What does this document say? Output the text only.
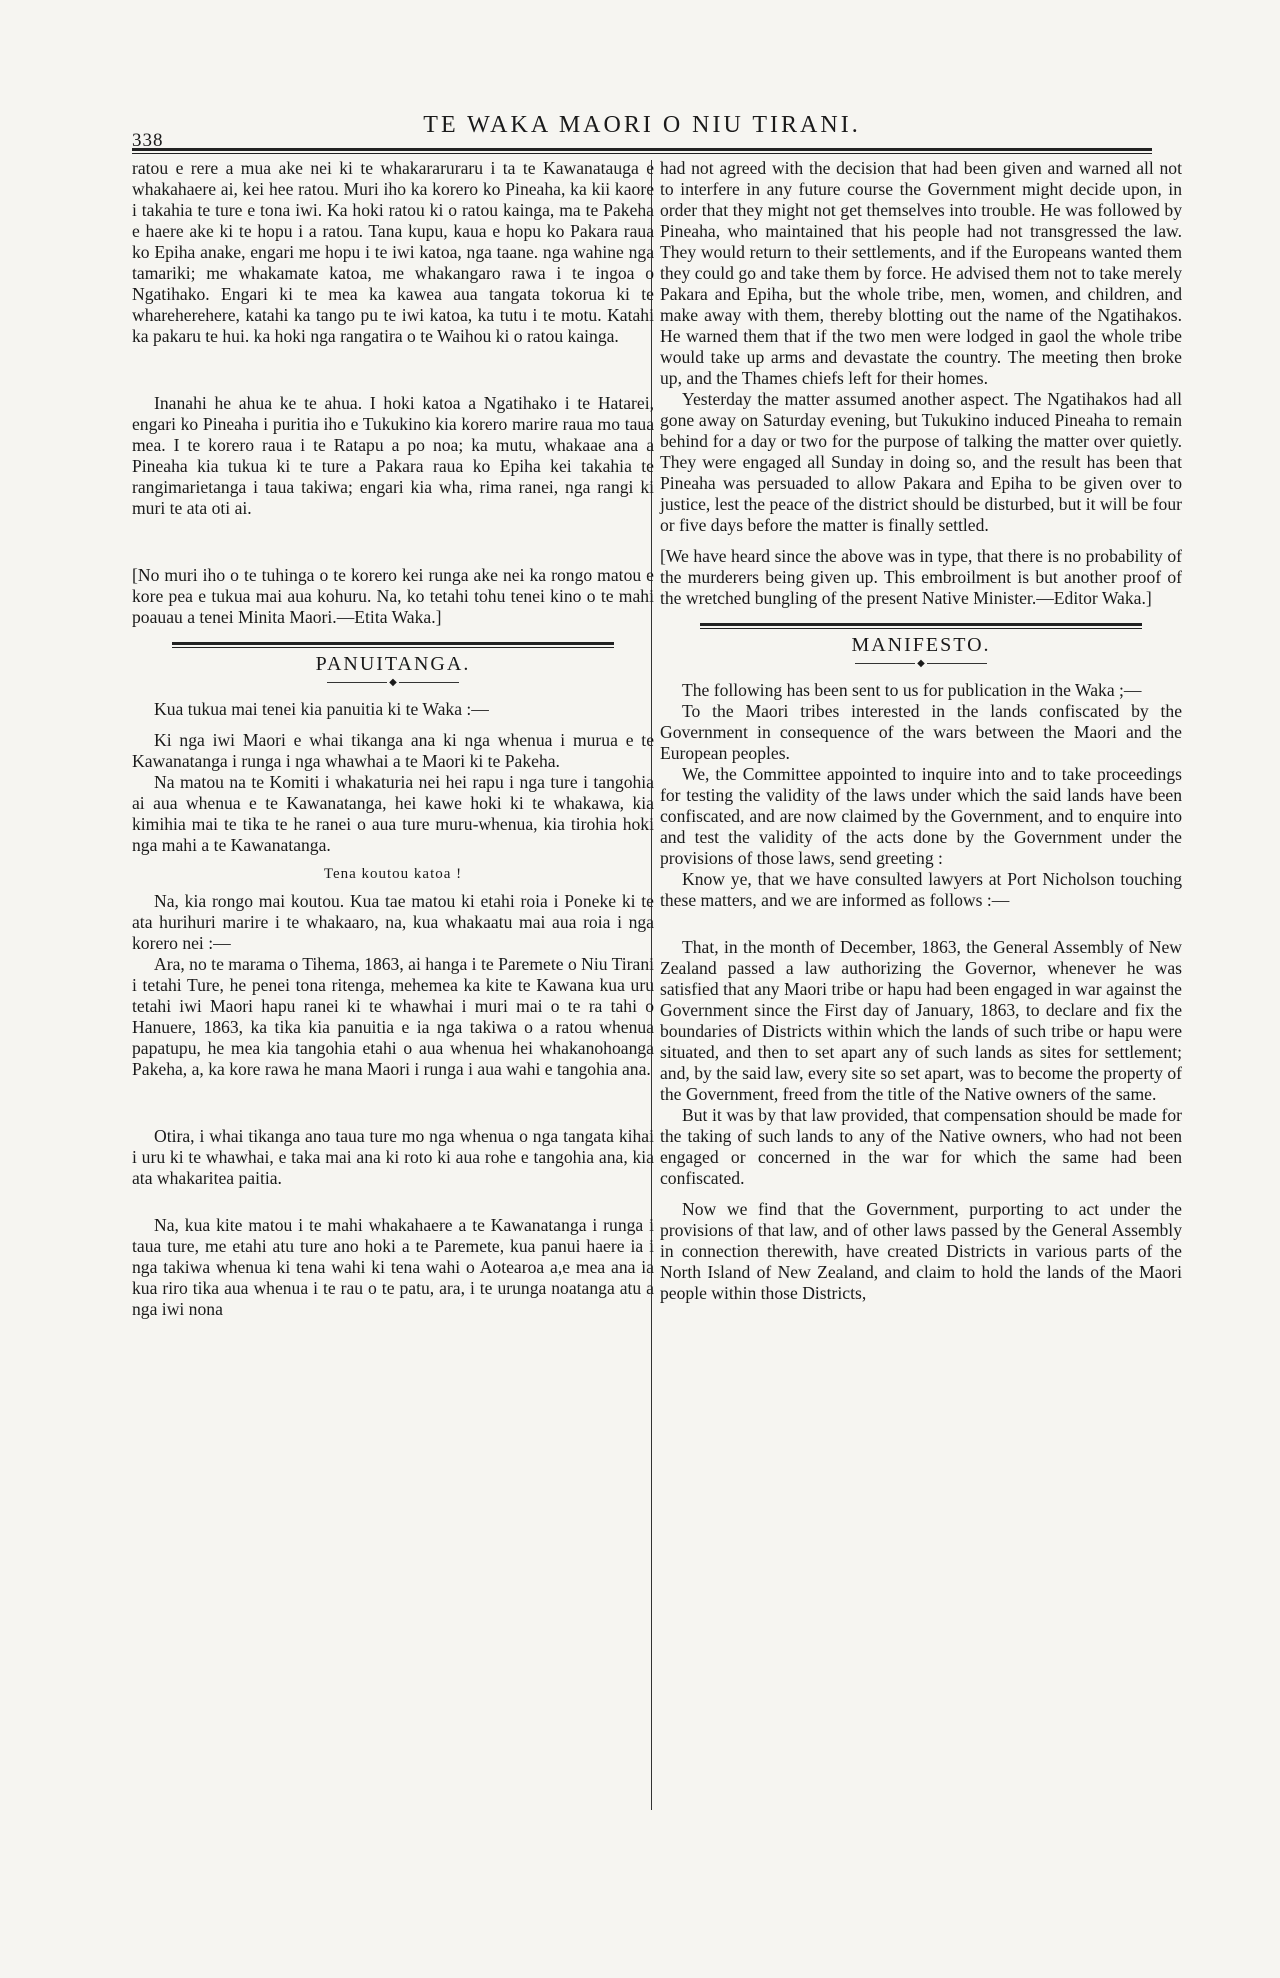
338
TE WAKA MAORI O NIU TIRANI.

ratou e rere a mua ake nei ki te whakararuraru i ta te Kawanatauga e whakahaere ai, kei hee ratou. Muri iho ka korero ko Pineaha, ka kii kaore i takahia te ture e tona iwi. Ka hoki ratou ki o ratou kainga, ma te Pakeha e haere ake ki te hopu i a ratou. Tana kupu, kaua e hopu ko Pakara raua ko Epiha anake, engari me hopu i te iwi katoa, nga taane. nga wahine nga tamariki; me whakamate katoa, me whakangaro rawa i te ingoa o Ngatihako. Engari ki te mea ka kawea aua tangata tokorua ki te whareherehere, katahi ka tango pu te iwi katoa, ka tutu i te motu. Katahi ka pakaru te hui. ka hoki nga rangatira o te Waihou ki o ratou kainga.

Inanahi he ahua ke te ahua. I hoki katoa a Ngatihako i te Hatarei, engari ko Pineaha i puritia iho e Tukukino kia korero marire raua mo taua mea. I te korero raua i te Ratapu a po noa; ka mutu, whakaae ana a Pineaha kia tukua ki te ture a Pakara raua ko Epiha kei takahia te rangimarietanga i taua takiwa; engari kia wha, rima ranei, nga rangi ki muri te ata oti ai.

[No muri iho o te tuhinga o te korero kei runga ake nei ka rongo matou e kore pea e tukua mai aua kohuru. Na, ko tetahi tohu tenei kino o te mahi poauau a tenei Minita Maori.—Etita Waka.]

PANUITANGA.
◆

Kua tukua mai tenei kia panuitia ki te Waka :—

Ki nga iwi Maori e whai tikanga ana ki nga whenua i murua e te Kawanatanga i runga i nga whawhai a te Maori ki te Pakeha.

Na matou na te Komiti i whakaturia nei hei rapu i nga ture i tangohia ai aua whenua e te Kawanatanga, hei kawe hoki ki te whakawa, kia kimihia mai te tika te he ranei o aua ture muru-whenua, kia tirohia hoki nga mahi a te Kawanatanga.

Tena koutou katoa !

Na, kia rongo mai koutou. Kua tae matou ki etahi roia i Poneke ki te ata hurihuri marire i te whakaaro, na, kua whakaatu mai aua roia i nga korero nei :—

Ara, no te marama o Tihema, 1863, ai hanga i te Paremete o Niu Tirani i tetahi Ture, he penei tona ritenga, mehemea ka kite te Kawana kua uru tetahi iwi Maori hapu ranei ki te whawhai i muri mai o te ra tahi o Hanuere, 1863, ka tika kia panuitia e ia nga takiwa o a ratou whenua papatupu, he mea kia tangohia etahi o aua whenua hei whakanohoanga Pakeha, a, ka kore rawa he mana Maori i runga i aua wahi e tangohia ana.

Otira, i whai tikanga ano taua ture mo nga whenua o nga tangata kihai i uru ki te whawhai, e taka mai ana ki roto ki aua rohe e tangohia ana, kia ata whakaritea paitia.

Na, kua kite matou i te mahi whakahaere a te Kawanatanga i runga i taua ture, me etahi atu ture ano hoki a te Paremete, kua panui haere ia i nga takiwa whenua ki tena wahi ki tena wahi o Aotearoa a,e mea ana ia kua riro tika aua whenua i te rau o te patu, ara, i te urunga noatanga atu a nga iwi nona

had not agreed with the decision that had been given and warned all not to interfere in any future course the Government might decide upon, in order that they might not get themselves into trouble. He was followed by Pineaha, who maintained that his people had not transgressed the law. They would return to their settlements, and if the Europeans wanted them they could go and take them by force. He advised them not to take merely Pakara and Epiha, but the whole tribe, men, women, and children, and make away with them, thereby blotting out the name of the Ngatihakos. He warned them that if the two men were lodged in gaol the whole tribe would take up arms and devastate the country. The meeting then broke up, and the Thames chiefs left for their homes.

Yesterday the matter assumed another aspect. The Ngatihakos had all gone away on Saturday evening, but Tukukino induced Pineaha to remain behind for a day or two for the purpose of talking the matter over quietly. They were engaged all Sunday in doing so, and the result has been that Pineaha was persuaded to allow Pakara and Epiha to be given over to justice, lest the peace of the district should be disturbed, but it will be four or five days before the matter is finally settled.

[We have heard since the above was in type, that there is no probability of the murderers being given up. This embroilment is but another proof of the wretched bungling of the present Native Minister.—Editor Waka.]

MANIFESTO.
◆

The following has been sent to us for publication in the Waka ;—

To the Maori tribes interested in the lands confiscated by the Government in consequence of the wars between the Maori and the European peoples.

We, the Committee appointed to inquire into and to take proceedings for testing the validity of the laws under which the said lands have been confiscated, and are now claimed by the Government, and to enquire into and test the validity of the acts done by the Government under the provisions of those laws, send greeting :

Know ye, that we have consulted lawyers at Port Nicholson touching these matters, and we are informed as follows :—

That, in the month of December, 1863, the General Assembly of New Zealand passed a law authorizing the Governor, whenever he was satisfied that any Maori tribe or hapu had been engaged in war against the Government since the First day of January, 1863, to declare and fix the boundaries of Districts within which the lands of such tribe or hapu were situated, and then to set apart any of such lands as sites for settlement; and, by the said law, every site so set apart, was to become the property of the Government, freed from the title of the Native owners of the same.

But it was by that law provided, that compensation should be made for the taking of such lands to any of the Native owners, who had not been engaged or concerned in the war for which the same had been confiscated.

Now we find that the Government, purporting to act under the provisions of that law, and of other laws passed by the General Assembly in connection therewith, have created Districts in various parts of the North Island of New Zealand, and claim to hold the lands of the Maori people within those Districts,
